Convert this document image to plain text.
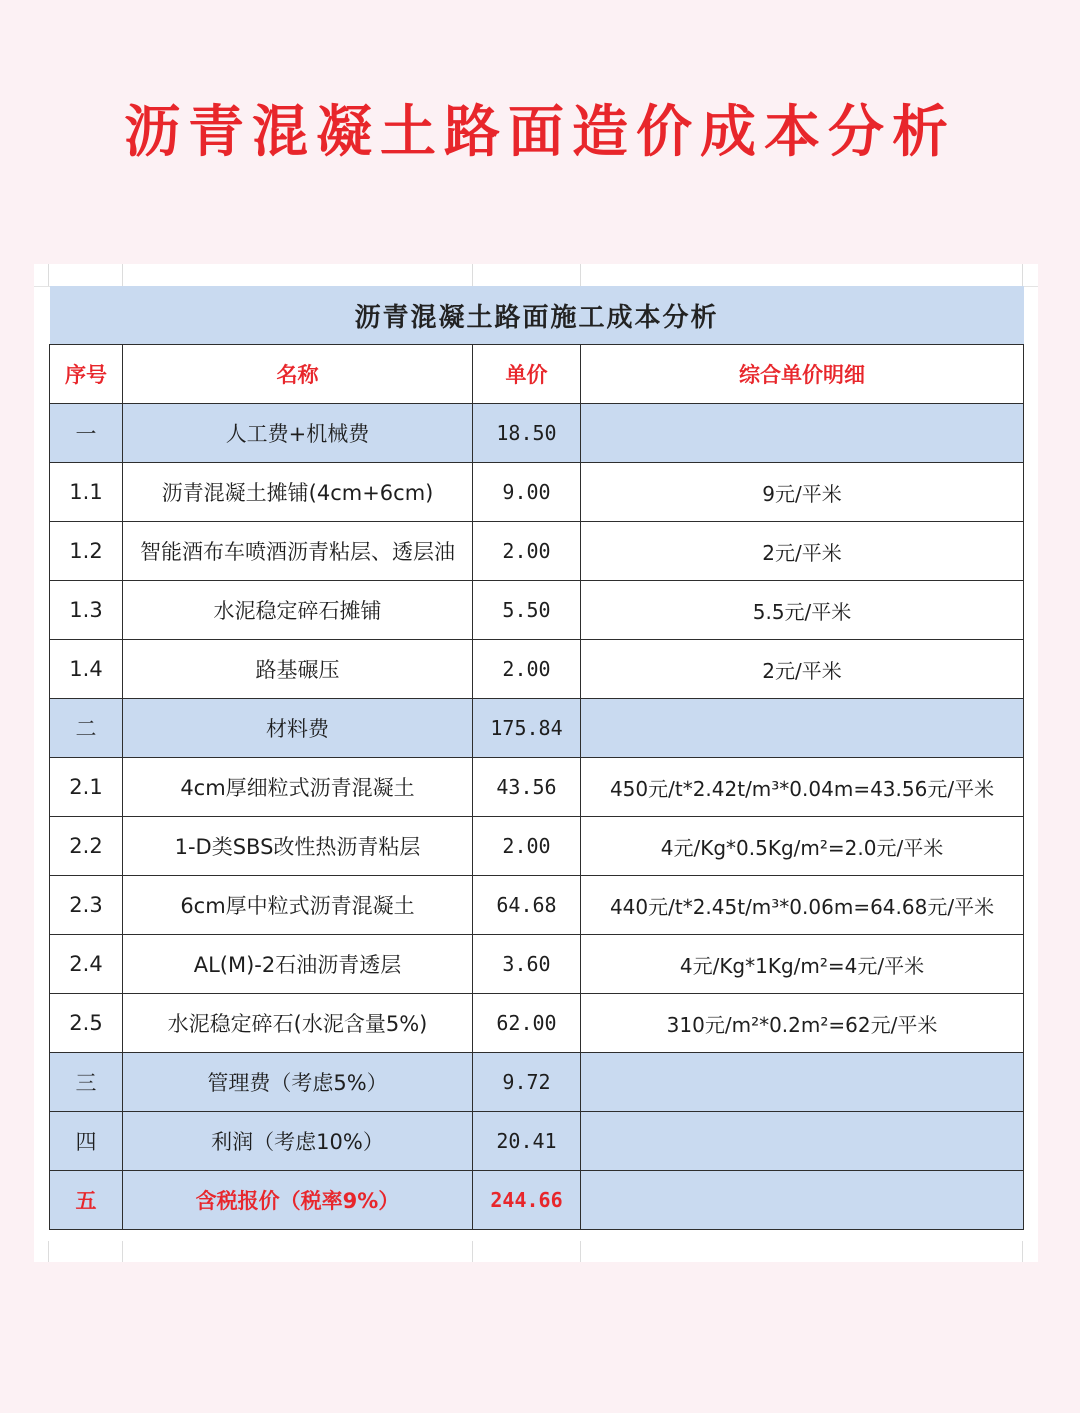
沥青混凝土路面造价成本分析
沥青混凝土路面施工成本分析			
序号	名称	单价	综合单价明细
一	人工费+机械费	18.50	
1.1	沥青混凝土摊铺(4cm+6cm)	9.00	9元/平米
1.2	智能酒布车喷酒沥青粘层、透层油	2.00	2元/平米
1.3	水泥稳定碎石摊铺	5.50	5.5元/平米
1.4	路基碾压	2.00	2元/平米
二	材料费	175.84	
2.1	4cm厚细粒式沥青混凝土	43.56	450元/t*2.42t/m³*0.04m=43.56元/平米
2.2	1-D类SBS改性热沥青粘层	2.00	4元/Kg*0.5Kg/m²=2.0元/平米
2.3	6cm厚中粒式沥青混凝土	64.68	440元/t*2.45t/m³*0.06m=64.68元/平米
2.4	AL(M)-2石油沥青透层	3.60	4元/Kg*1Kg/m²=4元/平米
2.5	水泥稳定碎石(水泥含量5%)	62.00	310元/m²*0.2m²=62元/平米
三	管理费（考虑5%）	9.72	
四	利润（考虑10%）	20.41	
五	含税报价（税率9%）	244.66	
